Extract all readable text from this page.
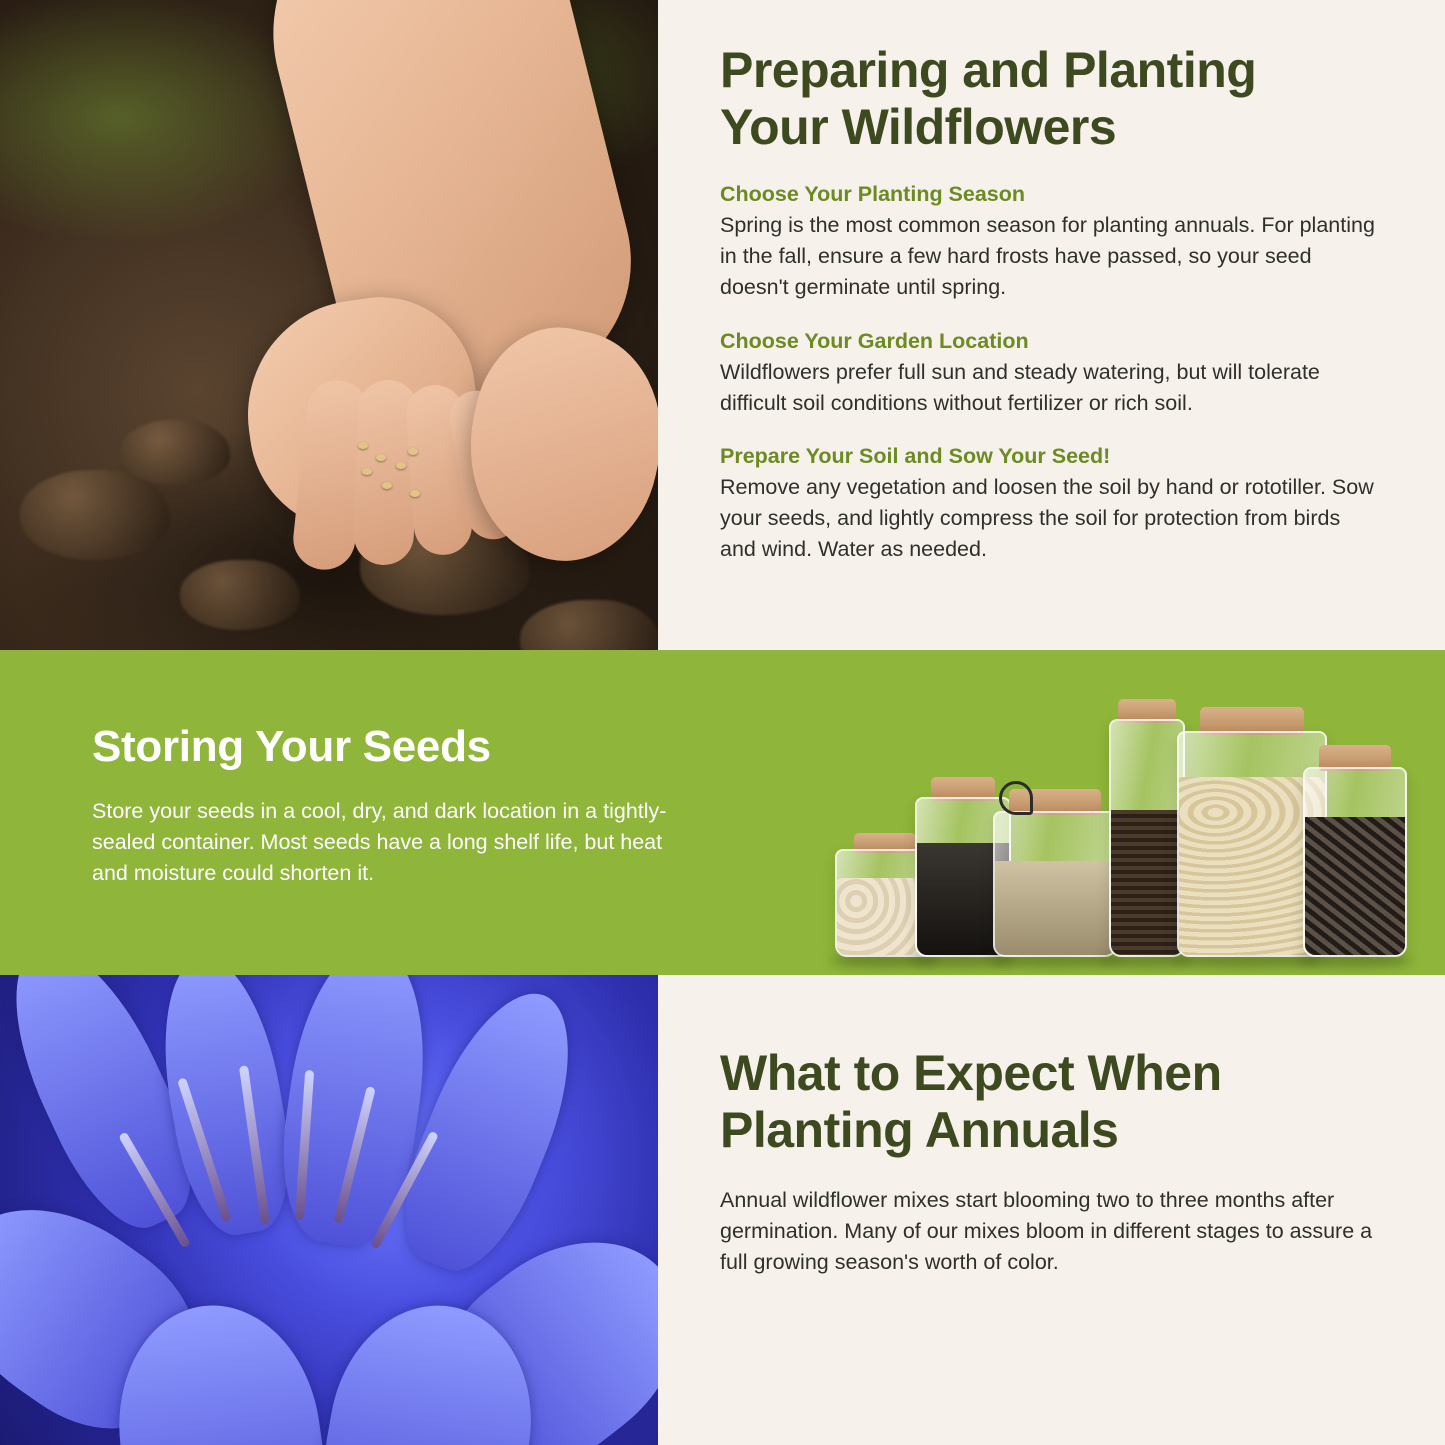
Preparing and Planting Your Wildflowers
Choose Your Planting Season

Spring is the most common season for planting annuals. For planting in the fall, ensure a few hard frosts have passed, so your seed doesn't germinate until spring.

Choose Your Garden Location

Wildflowers prefer full sun and steady watering, but will tolerate difficult soil conditions without fertilizer or rich soil.

Prepare Your Soil and Sow Your Seed!

Remove any vegetation and loosen the soil by hand or rototiller. Sow your seeds, and lightly compress the soil for protection from birds and wind. Water as needed.

Storing Your Seeds

Store your seeds in a cool, dry, and dark location in a tightly-sealed container. Most seeds have a long shelf life, but heat and moisture could shorten it.

What to Expect When Planting Annuals

Annual wildflower mixes start blooming two to three months after germination. Many of our mixes bloom in different stages to assure a full growing season's worth of color.
